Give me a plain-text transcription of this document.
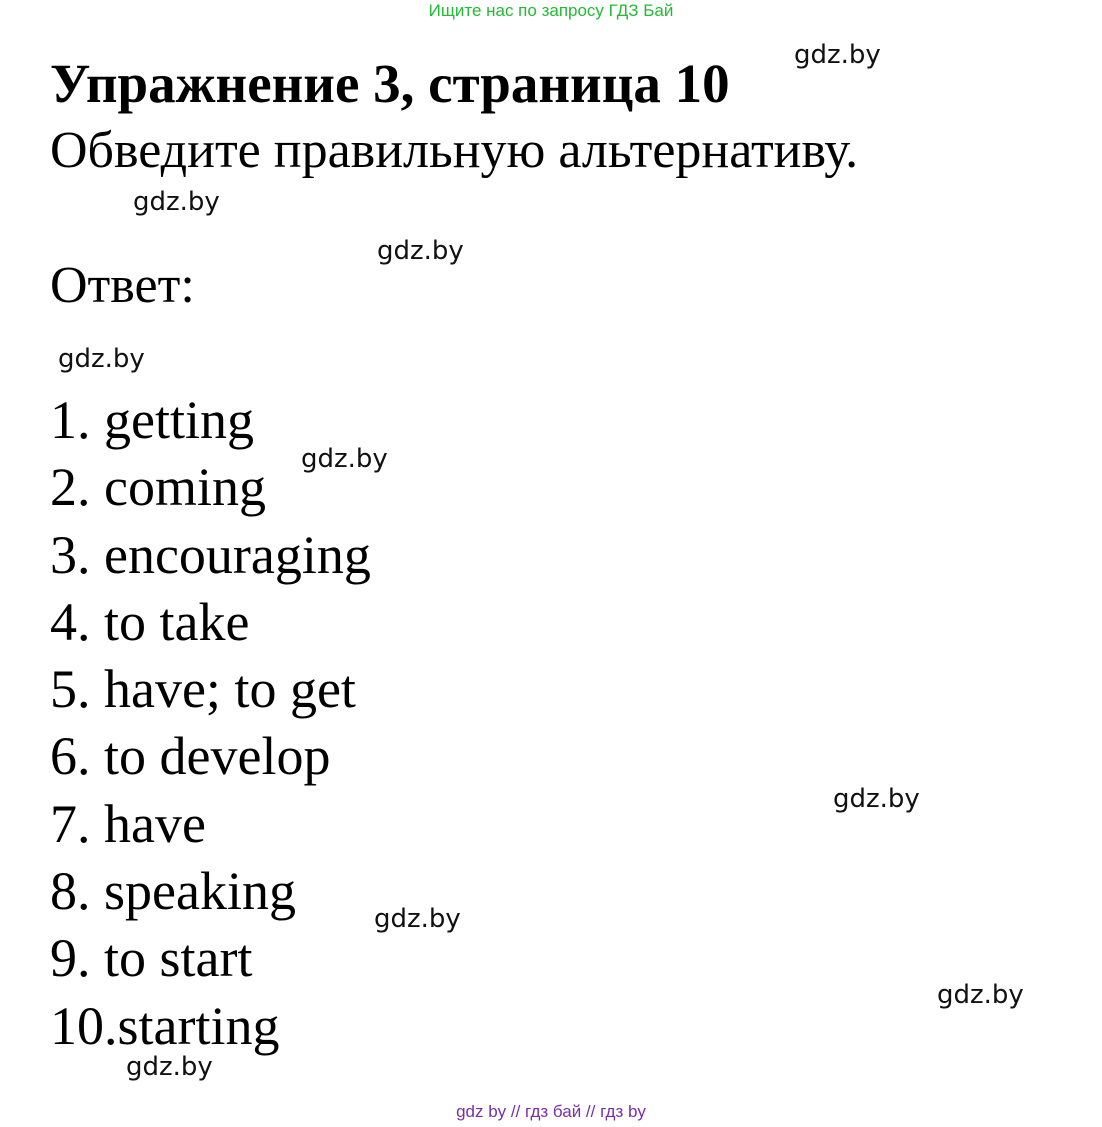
Ищите нас по запросу ГДЗ Бай
Упражнение 3, страница 10
Обведите правильную альтернативу.
Ответ:
1. getting
2. coming
3. encouraging
4. to take
5. have; to get
6. to develop
7. have
8. speaking
9. to start
10.starting
gdz.by
gdz.by
gdz.by
gdz.by
gdz.by
gdz.by
gdz.by
gdz.by
gdz.by
gdz by // гдз бай // гдз by
